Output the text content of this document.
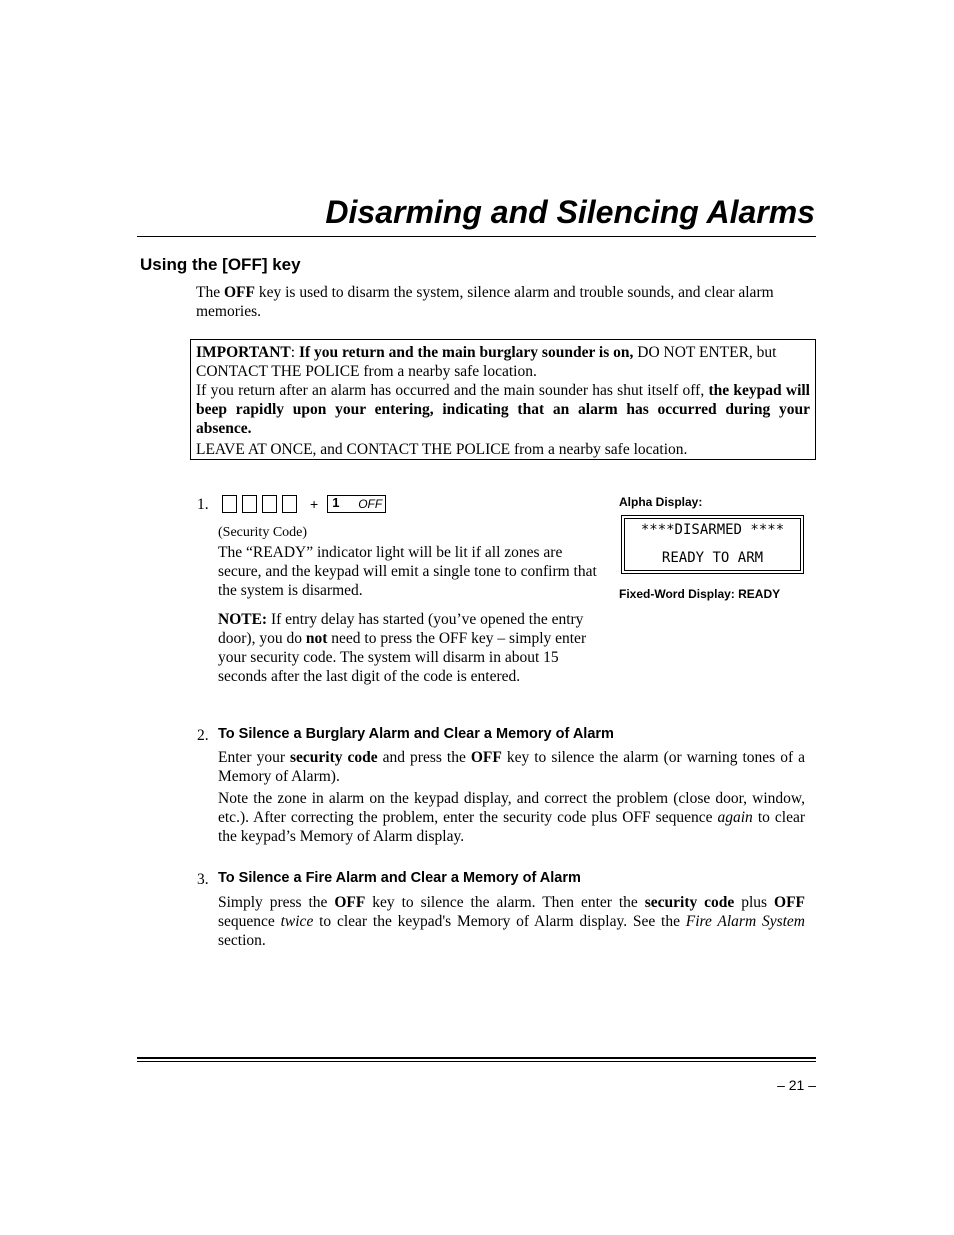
Disarming and Silencing Alarms
Using the [OFF] key
The OFF key is used to disarm the system, silence alarm and trouble sounds, and clear alarm memories.

IMPORTANT: If you return and the main burglary sounder is on, DO NOT ENTER, but CONTACT THE POLICE from a nearby safe location.

If you return after an alarm has occurred and the main sounder has shut itself off, the keypad will beep rapidly upon your entering, indicating that an alarm has occurred during your absence.

LEAVE AT ONCE, and CONTACT THE POLICE from a nearby safe location.

1.	+ 1 OFF
(Security Code)
The “READY” indicator light will be lit if all zones are secure, and the keypad will emit a single tone to confirm that the system is disarmed.
NOTE: If entry delay has started (you’ve opened the entry door), you do not need to press the OFF key – simply enter your security code. The system will disarm in about 15 seconds after the last digit of the code is entered.
Alpha Display:
****DISARMED ****
READY TO ARM
Fixed-Word Display: READY
2. To Silence a Burglary Alarm and Clear a Memory of Alarm
Enter your security code and press the OFF key to silence the alarm (or warning tones of a Memory of Alarm).
Note the zone in alarm on the keypad display, and correct the problem (close door, window, etc.). After correcting the problem, enter the security code plus OFF sequence again to clear the keypad’s Memory of Alarm display.
3. To Silence a Fire Alarm and Clear a Memory of Alarm
Simply press the OFF key to silence the alarm. Then enter the security code plus OFF sequence twice to clear the keypad's Memory of Alarm display. See the Fire Alarm System section.
– 21 –
